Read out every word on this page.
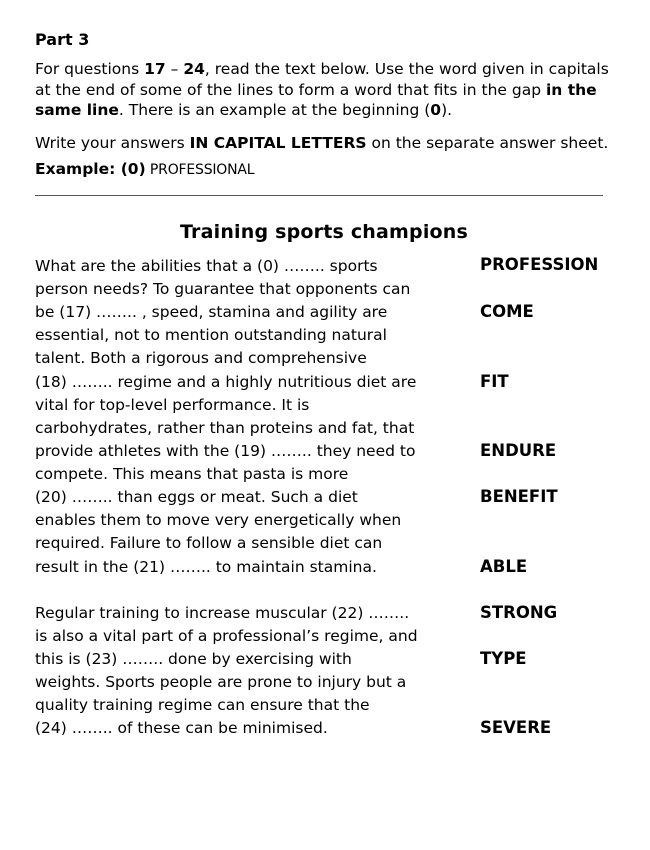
Part 3

For questions 17 – 24, read the text below. Use the word given in capitals at the end of some of the lines to form a word that fits in the gap in the same line. There is an example at the beginning (0).

Write your answers IN CAPITAL LETTERS on the separate answer sheet.

Example: (0) PROFESSIONAL
Training sports champions
What are the abilities that a (0) …….. sports
person needs? To guarantee that opponents can
be (17) …….. , speed, stamina and agility are
essential, not to mention outstanding natural
talent. Both a rigorous and comprehensive
(18) …….. regime and a highly nutritious diet are
vital for top-level performance. It is
carbohydrates, rather than proteins and fat, that
provide athletes with the (19) …….. they need to
compete. This means that pasta is more
(20) …….. than eggs or meat. Such a diet
enables them to move very energetically when
required. Failure to follow a sensible diet can
result in the (21) …….. to maintain stamina.
Regular training to increase muscular (22) ……..
is also a vital part of a professional’s regime, and
this is (23) …….. done by exercising with
weights. Sports people are prone to injury but a
quality training regime can ensure that the
(24) …….. of these can be minimised.
PROFESSION
COME
FIT
ENDURE
BENEFIT
ABLE
STRONG
TYPE
SEVERE
